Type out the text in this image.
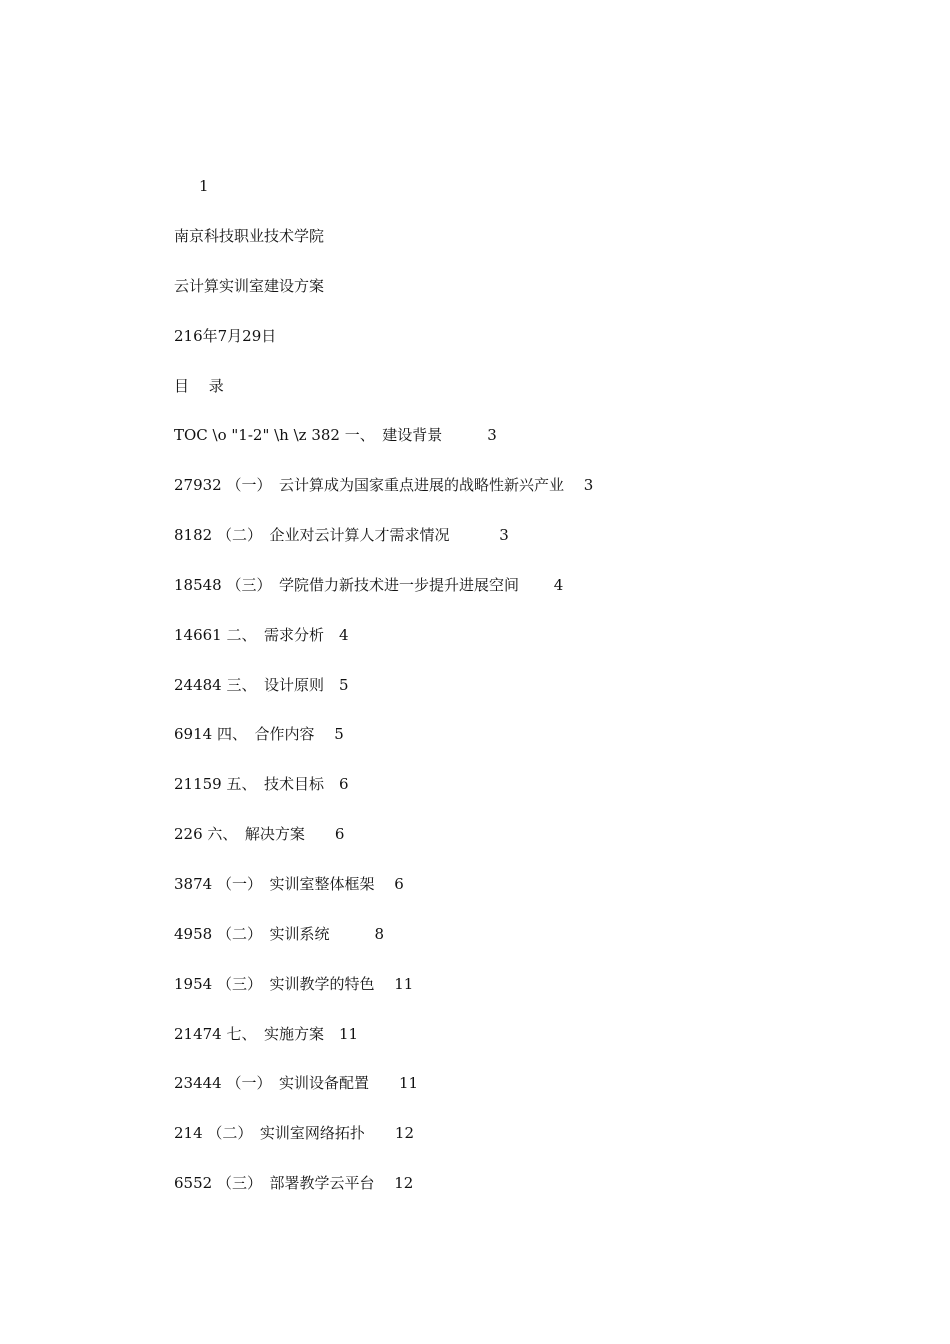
1
南京科技职业技术学院
云计算实训室建设方案
216年7月29日
目　 录
TOC \o "1-2" \h \z 382 一、　建设背景　　　3
27932 （一）　云计算成为国家重点进展的战略性新兴产业　 3
8182 （二）　企业对云计算人才需求情况　　　 3
18548 （三）　学院借力新技术进一步提升进展空间　　 4
14661 二、　需求分析　4
24484 三、　设计原则　5
6914 四、　合作内容　 5
21159 五、　技术目标　6
226 六、　解决方案　　6
3874 （一）　实训室整体框架　 6
4958 （二）　实训系统　　　8
1954 （三）　实训教学的特色　 11
21474 七、　实施方案　11
23444 （一）　实训设备配置　　11
214 （二）　实训室网络拓扑　　12
6552 （三）　部署教学云平台　 12
